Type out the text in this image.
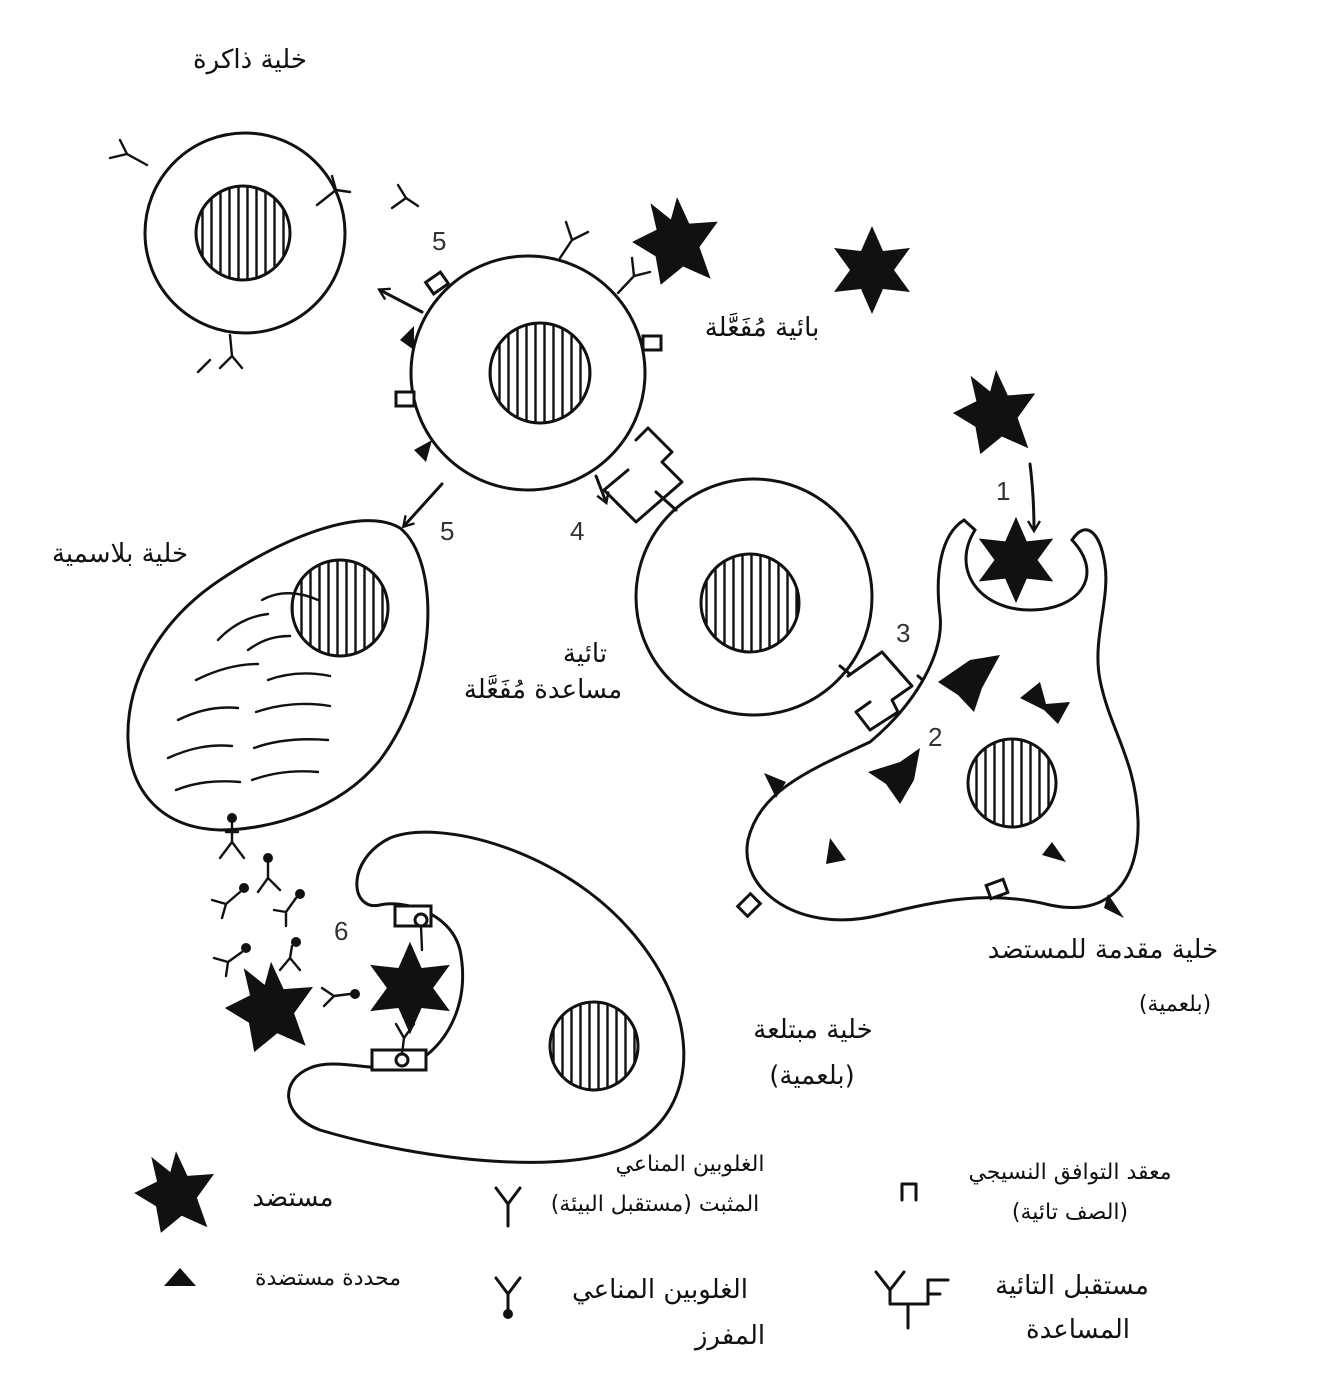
1
2
3
4
5
5
6
خلية ذاكرة
بائية مُفَعَّلة
خلية بلاسمية
تائية
مساعدة مُفَعَّلة
خلية مقدمة للمستضد
(بلعمية)
خلية مبتلعة
(بلعمية)
مستضد
محددة مستضدة
الغلوبين المناعي
المثبت (مستقبل البيئة)
الغلوبين المناعي
المفرز
معقد التوافق النسيجي
(الصف تائية)
مستقبل التائية
المساعدة
